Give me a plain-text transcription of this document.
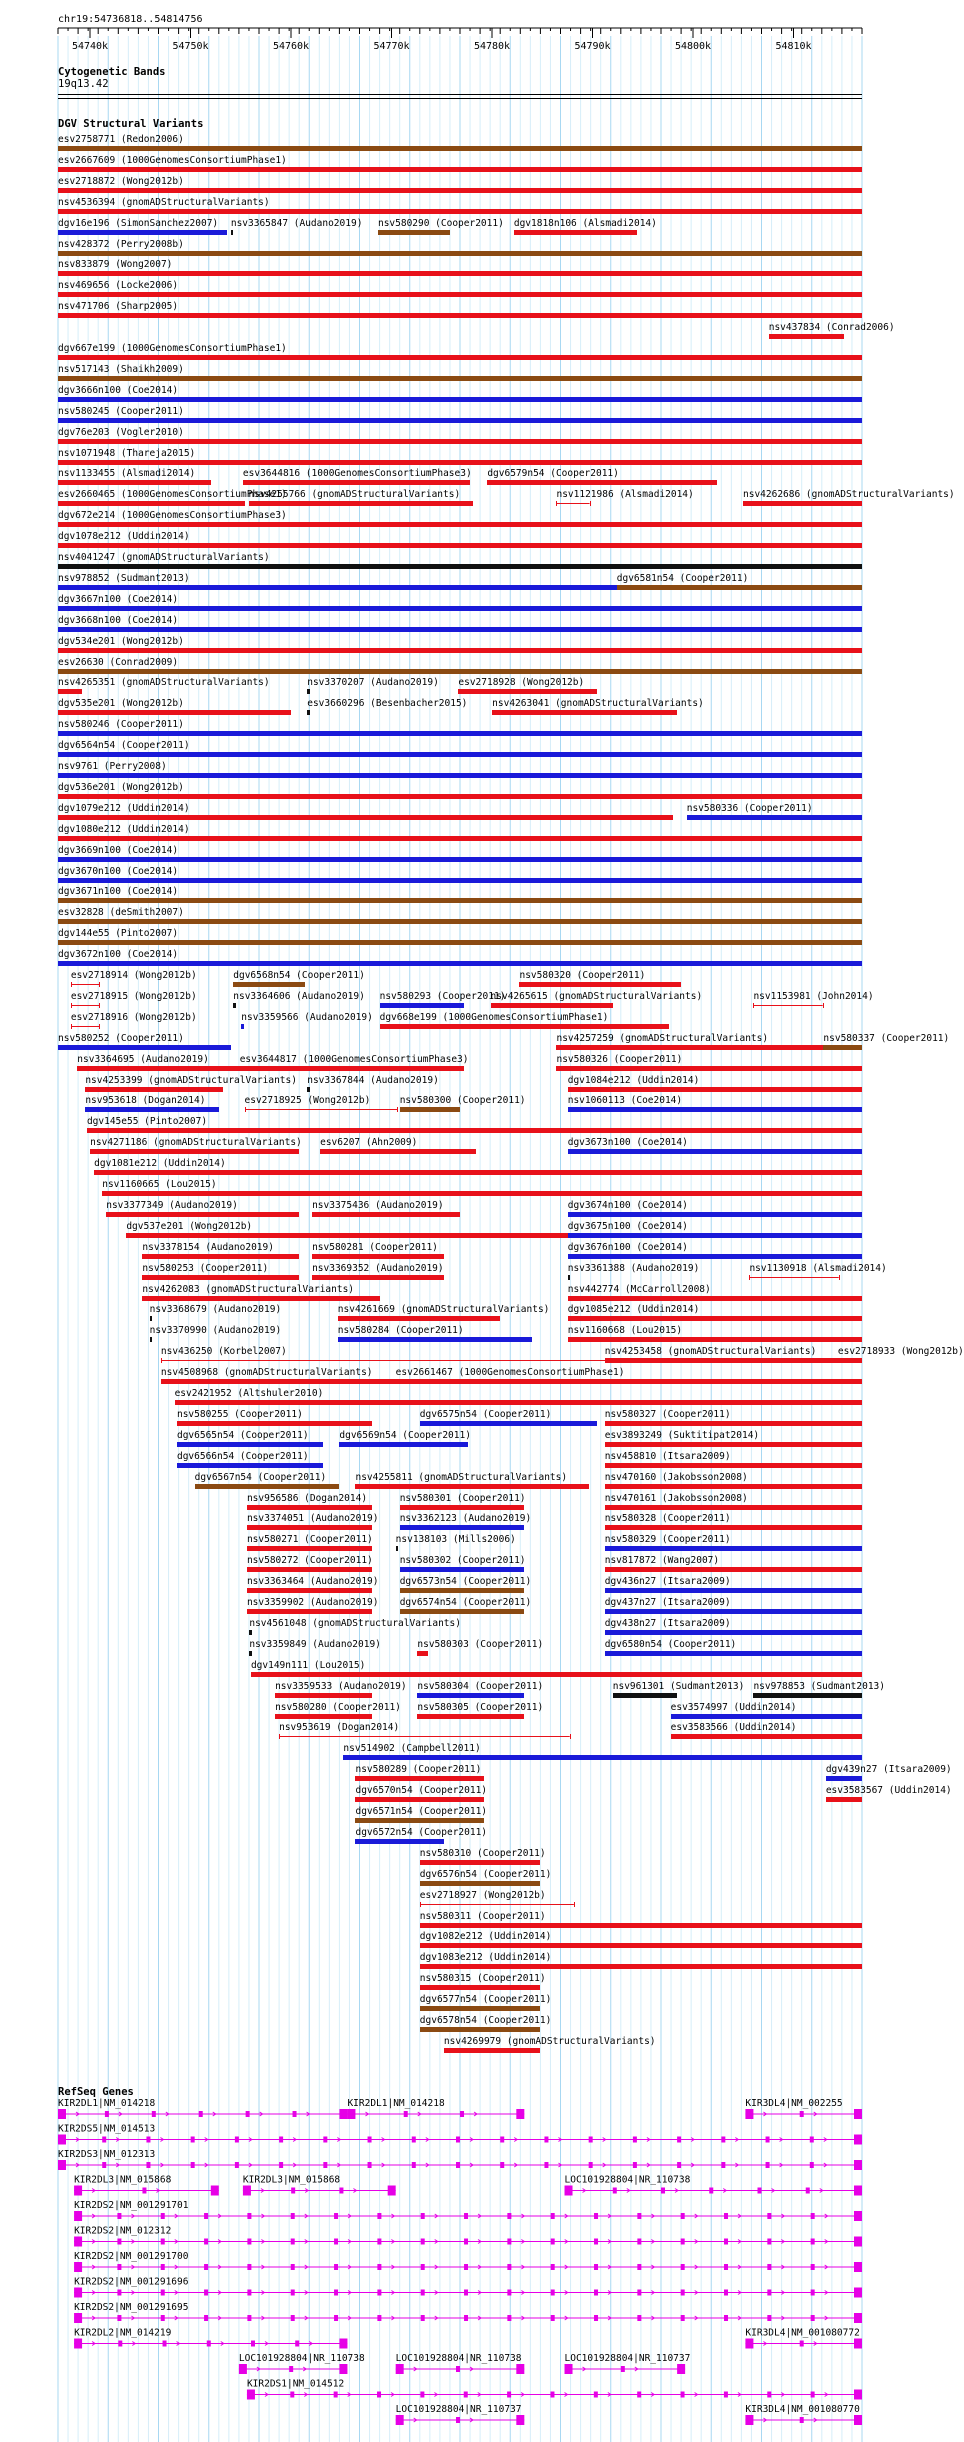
chr19:54736818..54814756
54740k	54750k	54760k	54770k	54780k	54790k	54800k	54810k
Cytogenetic Bands
19q13.42
DGV Structural Variants
esv2758771 (Redon2006)
esv2667609 (1000GenomesConsortiumPhase1)
esv2718872 (Wong2012b)
nsv4536394 (gnomADStructuralVariants)
dgv16e196 (SimonSanchez2007) nsv3365847 (Audano2019) nsv580290 (Cooper2011) dgv1818n106 (Alsmadi2014)
nsv428372 (Perry2008b)
nsv833879 (Wong2007)
nsv469656 (Locke2006)
nsv471706 (Sharp2005)
nsv437834 (Conrad2006)
dgv667e199 (1000GenomesConsortiumPhase1)
nsv517143 (Shaikh2009)
dgv3666n100 (Coe2014)
nsv580245 (Cooper2011)
dgv76e203 (Vogler2010)
nsv1071948 (Thareja2015)
nsv1133455 (Alsmadi2014)	esv3644816 (1000GenomesConsortiumPhase3) dgv6579n54 (Cooper2011)
esv2660465 (1000GenomesConsortiumPhase1)
nsv4255766 (gnomADStructuralVariants)	nsv1121986 (Alsmadi2014)	nsv4262686 (gnomADStructuralVariants)
dgv672e214 (1000GenomesConsortiumPhase3)
dgv1078e212 (Uddin2014)
nsv4041247 (gnomADStructuralVariants)
nsv978852 (Sudmant2013)	dgv6581n54 (Cooper2011)
dgv3667n100 (Coe2014)
dgv3668n100 (Coe2014)
dgv534e201 (Wong2012b)
esv26630 (Conrad2009)
nsv4265351 (gnomADStructuralVariants)	nsv3370207 (Audano2019) esv2718928 (Wong2012b)
dgv535e201 (Wong2012b)	esv3660296 (Besenbacher2015)	nsv4263041 (gnomADStructuralVariants)
nsv580246 (Cooper2011)
dgv6564n54 (Cooper2011)
nsv9761 (Perry2008)
dgv536e201 (Wong2012b)
dgv1079e212 (Uddin2014)	nsv580336 (Cooper2011)
dgv1080e212 (Uddin2014)
dgv3669n100 (Coe2014)
dgv3670n100 (Coe2014)
dgv3671n100 (Coe2014)
esv32828 (deSmith2007)
dgv144e55 (Pinto2007)
dgv3672n100 (Coe2014)
esv2718914 (Wong2012b)	dgv6568n54 (Cooper2011)	nsv580320 (Cooper2011)
esv2718915 (Wong2012b)	nsv3364606 (Audano2019) nsv580293 (Cooper2011)
nsv4265615 (gnomADStructuralVariants)	nsv1153981 (John2014)
esv2718916 (Wong2012b)	nsv3359566 (Audano2019) dgv668e199 (1000GenomesConsortiumPhase1)
nsv580252 (Cooper2011)	nsv4257259 (gnomADStructuralVariants)	nsv580337 (Cooper2011)
nsv3364695 (Audano2019)	esv3644817 (1000GenomesConsortiumPhase3)	nsv580326 (Cooper2011)
nsv4253399 (gnomADStructuralVariants) nsv3367844 (Audano2019)	dgv1084e212 (Uddin2014)
nsv953618 (Dogan2014)	esv2718925 (Wong2012b)	nsv580300 (Cooper2011)	nsv1060113 (Coe2014)
dgv145e55 (Pinto2007)
nsv4271186 (gnomADStructuralVariants) esv6207 (Ahn2009)	dgv3673n100 (Coe2014)
dgv1081e212 (Uddin2014)
nsv1160665 (Lou2015)
nsv3377349 (Audano2019)	nsv3375436 (Audano2019)	dgv3674n100 (Coe2014)
dgv537e201 (Wong2012b)	dgv3675n100 (Coe2014)
nsv3378154 (Audano2019)	nsv580281 (Cooper2011)	dgv3676n100 (Coe2014)
nsv580253 (Cooper2011)	nsv3369352 (Audano2019)	nsv3361388 (Audano2019)	nsv1130918 (Alsmadi2014)
nsv4262083 (gnomADStructuralVariants)	nsv442774 (McCarroll2008)
nsv3368679 (Audano2019)	nsv4261669 (gnomADStructuralVariants) dgv1085e212 (Uddin2014)
nsv3370990 (Audano2019)	nsv580284 (Cooper2011)	nsv1160668 (Lou2015)
nsv436250 (Korbel2007)	nsv4253458 (gnomADStructuralVariants) esv2718933 (Wong2012b)
nsv4508968 (gnomADStructuralVariants) esv2661467 (1000GenomesConsortiumPhase1)
esv2421952 (Altshuler2010)
nsv580255 (Cooper2011)	dgv6575n54 (Cooper2011)	nsv580327 (Cooper2011)
dgv6565n54 (Cooper2011)	dgv6569n54 (Cooper2011)	esv3893249 (Suktitipat2014)
dgv6566n54 (Cooper2011)	nsv458810 (Itsara2009)
dgv6567n54 (Cooper2011)	nsv4255811 (gnomADStructuralVariants)	nsv470160 (Jakobsson2008)
nsv956586 (Dogan2014)	nsv580301 (Cooper2011)	nsv470161 (Jakobsson2008)
nsv3374051 (Audano2019) nsv3362123 (Audano2019)	nsv580328 (Cooper2011)
nsv580271 (Cooper2011) nsv138103 (Mills2006)	nsv580329 (Cooper2011)
nsv580272 (Cooper2011)	nsv580302 (Cooper2011)	nsv817872 (Wang2007)
nsv3363464 (Audano2019) dgv6573n54 (Cooper2011)	dgv436n27 (Itsara2009)
nsv3359902 (Audano2019) dgv6574n54 (Cooper2011)	dgv437n27 (Itsara2009)
nsv4561048 (gnomADStructuralVariants)	dgv438n27 (Itsara2009)
nsv3359849 (Audano2019)	nsv580303 (Cooper2011)	dgv6580n54 (Cooper2011)
dgv149n111 (Lou2015)
nsv3359533 (Audano2019) nsv580304 (Cooper2011)	nsv961301 (Sudmant2013) nsv978853 (Sudmant2013)
nsv580280 (Cooper2011) nsv580305 (Cooper2011)	esv3574997 (Uddin2014)
nsv953619 (Dogan2014)	esv3583566 (Uddin2014)
nsv514902 (Campbell2011)
nsv580289 (Cooper2011)	dgv439n27 (Itsara2009)
dgv6570n54 (Cooper2011)	esv3583567 (Uddin2014)
dgv6571n54 (Cooper2011)
dgv6572n54 (Cooper2011)
nsv580310 (Cooper2011)
dgv6576n54 (Cooper2011)
esv2718927 (Wong2012b)
nsv580311 (Cooper2011)
dgv1082e212 (Uddin2014)
dgv1083e212 (Uddin2014)
nsv580315 (Cooper2011)
dgv6577n54 (Cooper2011)
dgv6578n54 (Cooper2011)
nsv4269979 (gnomADStructuralVariants)
RefSeq Genes
KIR2DL1|NM_014218	KIR2DL1|NM_014218	KIR3DL4|NM_002255
KIR2DS5|NM_014513
KIR2DS3|NM_012313
KIR2DL3|NM_015868	KIR2DL3|NM_015868	LOC101928804|NR_110738
KIR2DS2|NM_001291701
KIR2DS2|NM_012312
KIR2DS2|NM_001291700
KIR2DS2|NM_001291696
KIR2DS2|NM_001291695
KIR2DL2|NM_014219	KIR3DL4|NM_001080772
LOC101928804|NR_110738	LOC101928804|NR_110738	LOC101928804|NR_110737
KIR2DS1|NM_014512
LOC101928804|NR_110737	KIR3DL4|NM_001080770
